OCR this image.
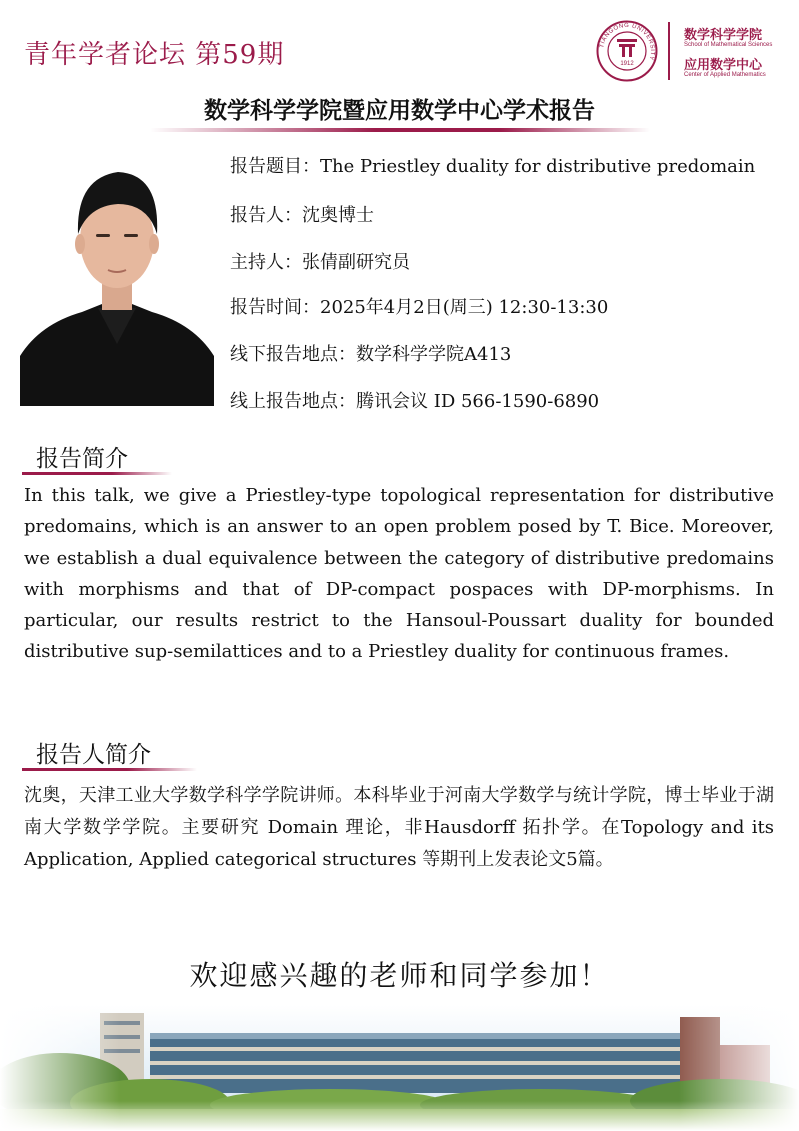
青年学者论坛 第59期	TIANGONG UNIVERSITY
1912
数学科学学院
School of Mathematical Sciences
应用数学中心
Center of Applied Mathematics
数学科学学院暨应用数学中心学术报告
报告题目：The Priestley duality for distributive predomain
报告人：沈奥博士
主持人：张倩副研究员
报告时间：2025年4月2日(周三) 12:30-13:30
线下报告地点：数学科学学院A413
线上报告地点：腾讯会议 ID 566-1590-6890
报告简介
In this talk, we give a Priestley-type topological representation for distributive predomains, which is an answer to an open problem posed by T. Bice. Moreover, we establish a dual equivalence between the category of distributive predomains with morphisms and that of DP-compact pospaces with DP-morphisms. In particular, our results restrict to the Hansoul-Poussart duality for bounded distributive sup-semilattices and to a Priestley duality for continuous frames.
报告人简介
沈奥，天津工业大学数学科学学院讲师。本科毕业于河南大学数学与统计学院，博士毕业于湖南大学数学学院。主要研究 Domain 理论，非Hausdorff 拓扑学。在Topology and its Application, Applied categorical structures 等期刊上发表论文5篇。
欢迎感兴趣的老师和同学参加！
